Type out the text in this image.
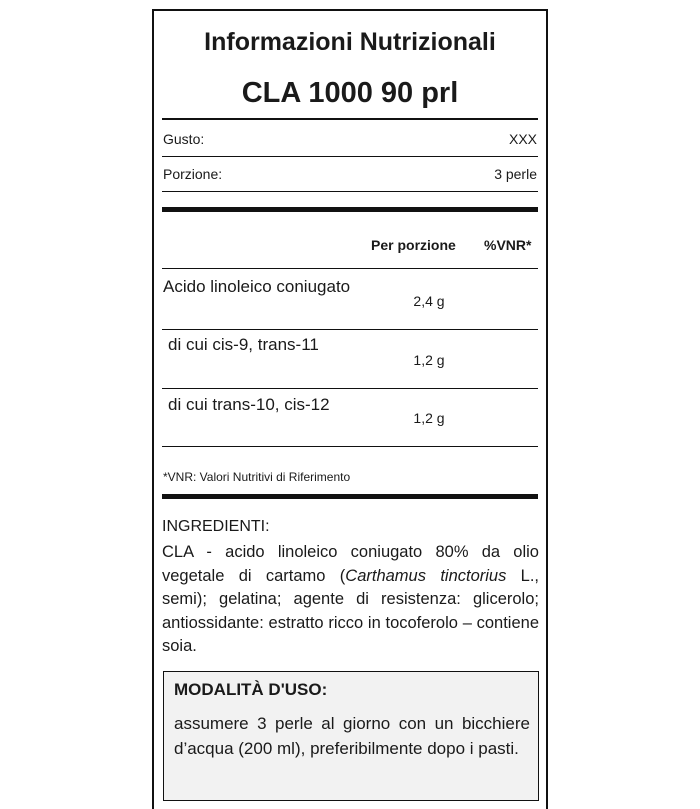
Informazioni Nutrizionali
CLA 1000 90 prl
Gusto:	XXX
Porzione:	3 perle
Per porzione %VNR*
Acido linoleico coniugato
2,4 g
di cui cis-9, trans-11
1,2 g
di cui trans-10, cis-12
1,2 g
*VNR: Valori Nutritivi di Riferimento
INGREDIENTI:
CLA - acido linoleico coniugato 80% da olio vegetale di cartamo (Carthamus tinctorius L., semi); gelatina; agente di resistenza: glicerolo; antiossidante: estratto ricco in tocoferolo – contiene soia.
MODALITÀ D'USO:
assumere 3 perle al giorno con un bicchiere d’acqua (200 ml), preferibilmente dopo i pasti.
